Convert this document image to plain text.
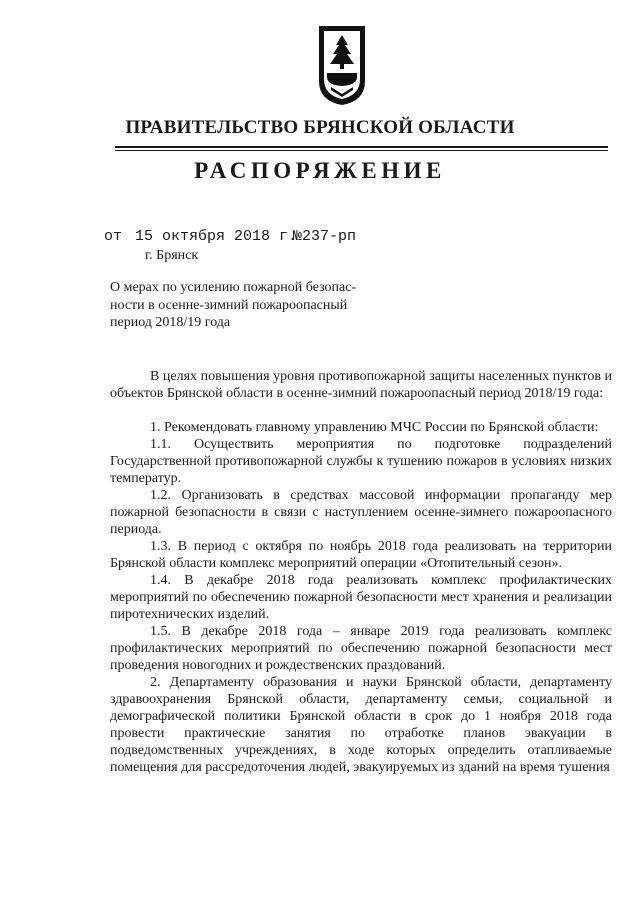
ПРАВИТЕЛЬСТВО БРЯНСКОЙ ОБЛАСТИ
РАСПОРЯЖЕНИЕ
от 15 октября 2018 г.
№237-рп
г. Брянск
О мерах по усилению пожарной безопас-
ности в осенне-зимний пожароопасный
период 2018/19 года

В целях повышения уровня противопожарной защиты населенных пунктов и объектов Брянской области в осенне-зимний пожароопасный период 2018/19 года:

1. Рекомендовать главному управлению МЧС России по Брянской области:

1.1. Осуществить мероприятия по подготовке подразделений Государственной противопожарной службы к тушению пожаров в условиях низких температур.

1.2. Организовать в средствах массовой информации пропаганду мер пожарной безопасности в связи с наступлением осенне-зимнего пожароопасного периода.

1.3. В период с октября по ноябрь 2018 года реализовать на территории Брянской области комплекс мероприятий операции «Отопительный сезон».

1.4. В декабре 2018 года реализовать комплекс профилактических мероприятий по обеспечению пожарной безопасности мест хранения и реализации пиротехнических изделий.

1.5. В декабре 2018 года – январе 2019 года реализовать комплекс профилактических мероприятий по обеспечению пожарной безопасности мест проведения новогодних и рождественских праздований.

2. Департаменту образования и науки Брянской области, департаменту здравоохранения Брянской области, департаменту семьи, социальной и демографической политики Брянской области в срок до 1 ноября 2018 года провести практические занятия по отработке планов эвакуации в подведомственных учреждениях, в ходе которых определить отапливаемые помещения для рассредоточения людей, эвакуируемых из зданий на время тушения
